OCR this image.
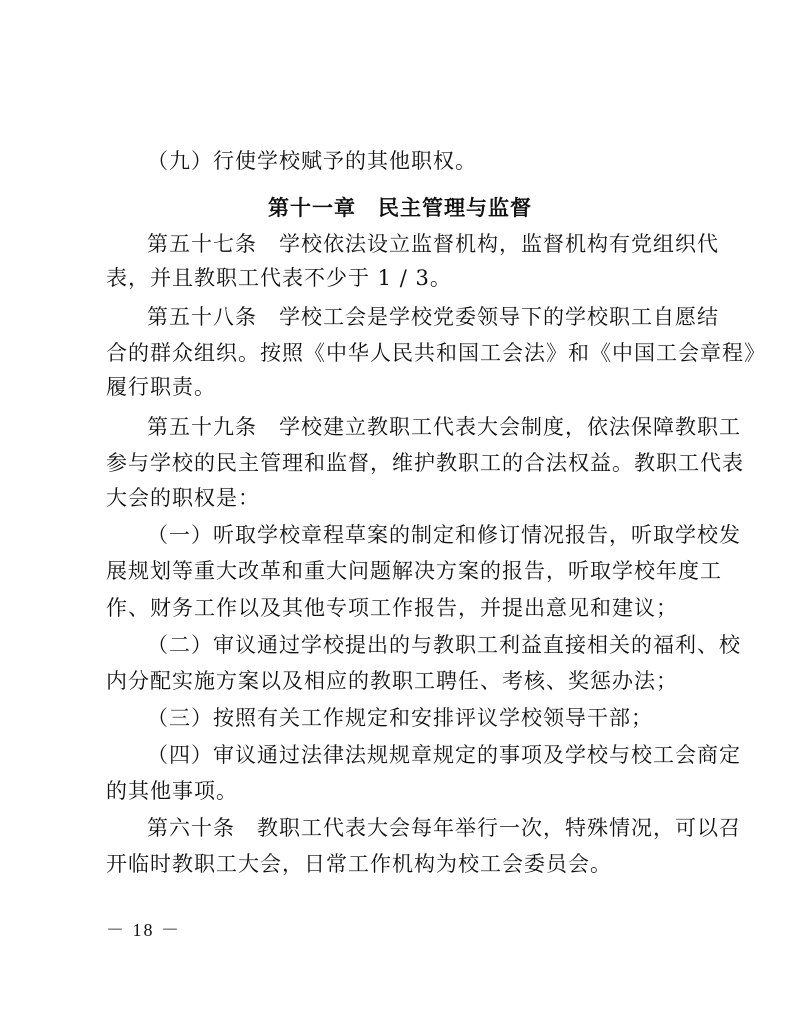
（九）行使学校赋予的其他职权。
第十一章　民主管理与监督
第五十七条　学校依法设立监督机构，监督机构有党组织代
表，并且教职工代表不少于 1 / 3。
第五十八条　学校工会是学校党委领导下的学校职工自愿结
合的群众组织。按照《中华人民共和国工会法》和《中国工会章程》
履行职责。
第五十九条　学校建立教职工代表大会制度，依法保障教职工
参与学校的民主管理和监督，维护教职工的合法权益。教职工代表
大会的职权是：
（一）听取学校章程草案的制定和修订情况报告，听取学校发
展规划等重大改革和重大问题解决方案的报告，听取学校年度工
作、财务工作以及其他专项工作报告，并提出意见和建议；
（二）审议通过学校提出的与教职工利益直接相关的福利、校
内分配实施方案以及相应的教职工聘任、考核、奖惩办法；
（三）按照有关工作规定和安排评议学校领导干部；
（四）审议通过法律法规规章规定的事项及学校与校工会商定
的其他事项。
第六十条　教职工代表大会每年举行一次，特殊情况，可以召
开临时教职工大会，日常工作机构为校工会委员会。
－ 18 －
